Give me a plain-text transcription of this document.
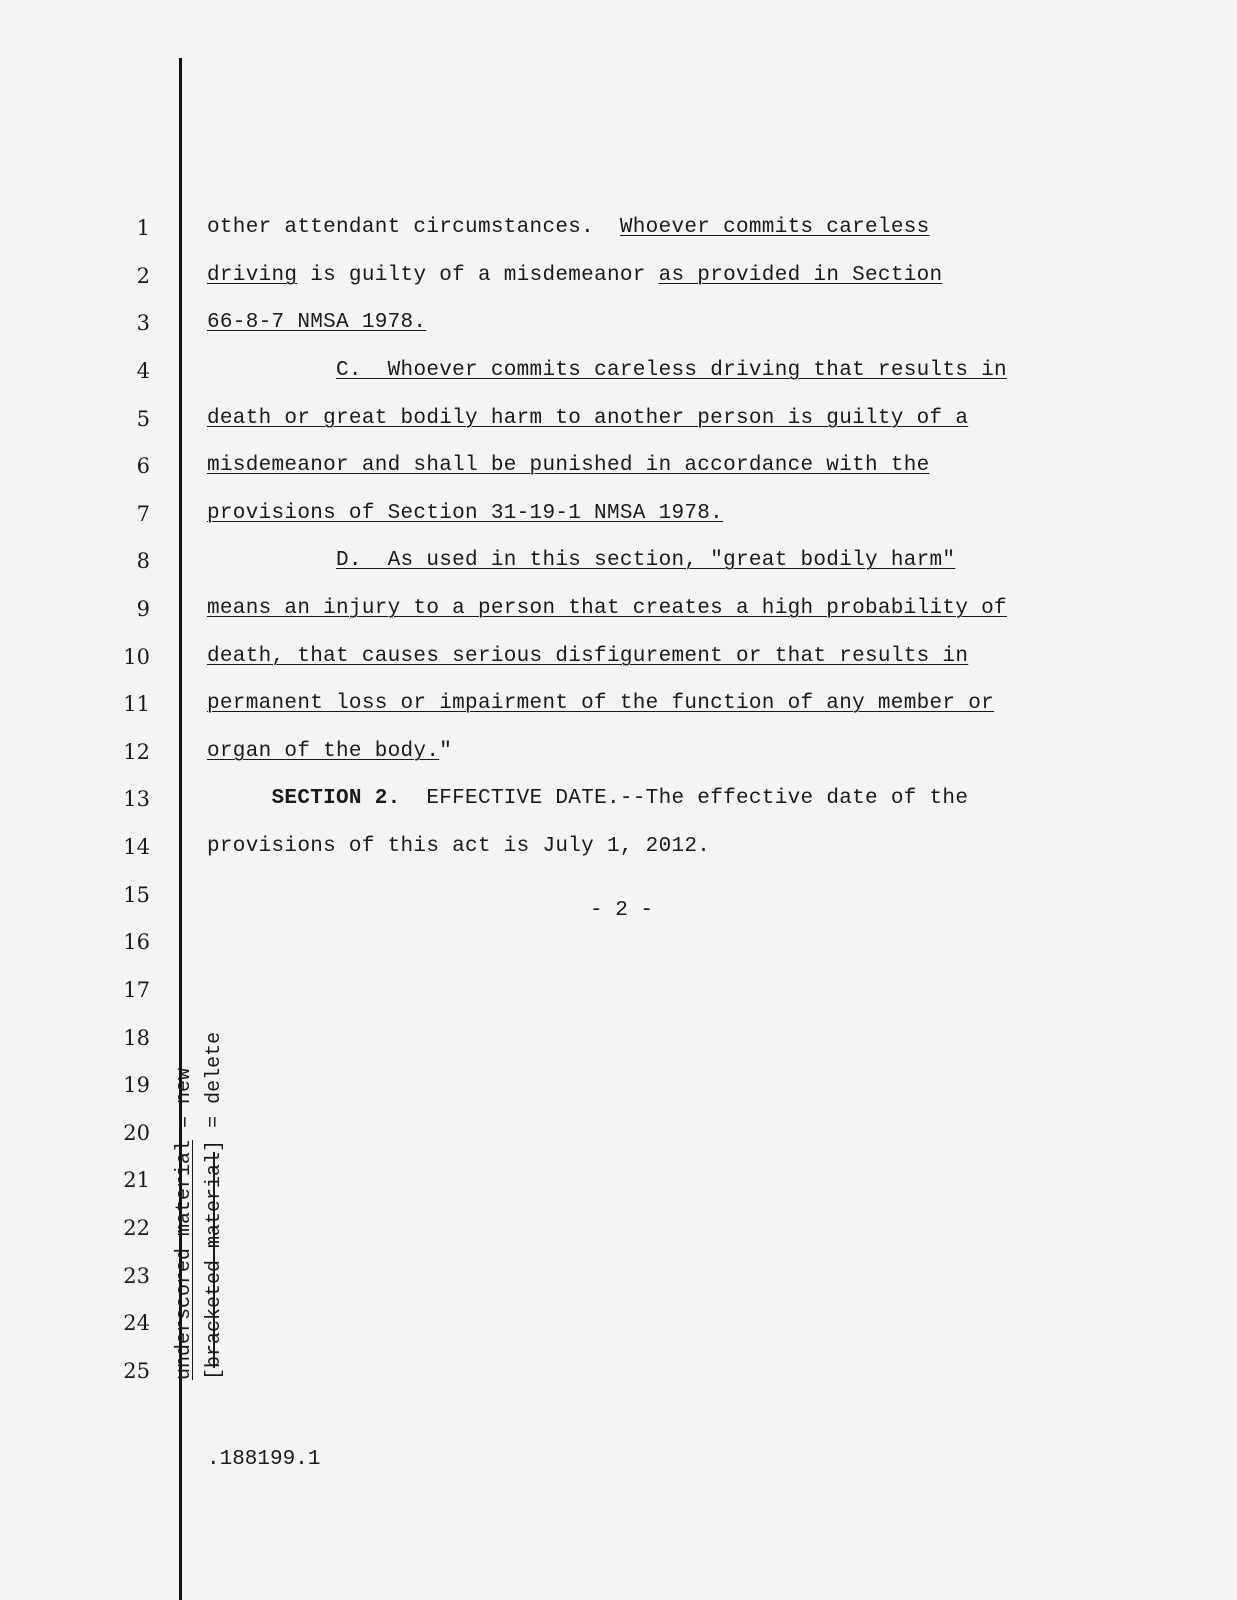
1
2
3
4
5
6
7
8
9
10
11
12
13
14
15
16
17
18
19
20
21
22
23
24
25
other attendant circumstances.  Whoever commits careless
driving is guilty of a misdemeanor as provided in Section
66-8-7 NMSA 1978.
C.  Whoever commits careless driving that results in
death or great bodily harm to another person is guilty of a
misdemeanor and shall be punished in accordance with the
provisions of Section 31-19-1 NMSA 1978.
D.  As used in this section, "great bodily harm"
means an injury to a person that creates a high probability of
death, that causes serious disfigurement or that results in
permanent loss or impairment of the function of any member or
organ of the body."
SECTION 2.  EFFECTIVE DATE.--The effective date of the
provisions of this act is July 1, 2012.
- 2 -
.188199.1
underscored material = new
[bracketed material] = delete
